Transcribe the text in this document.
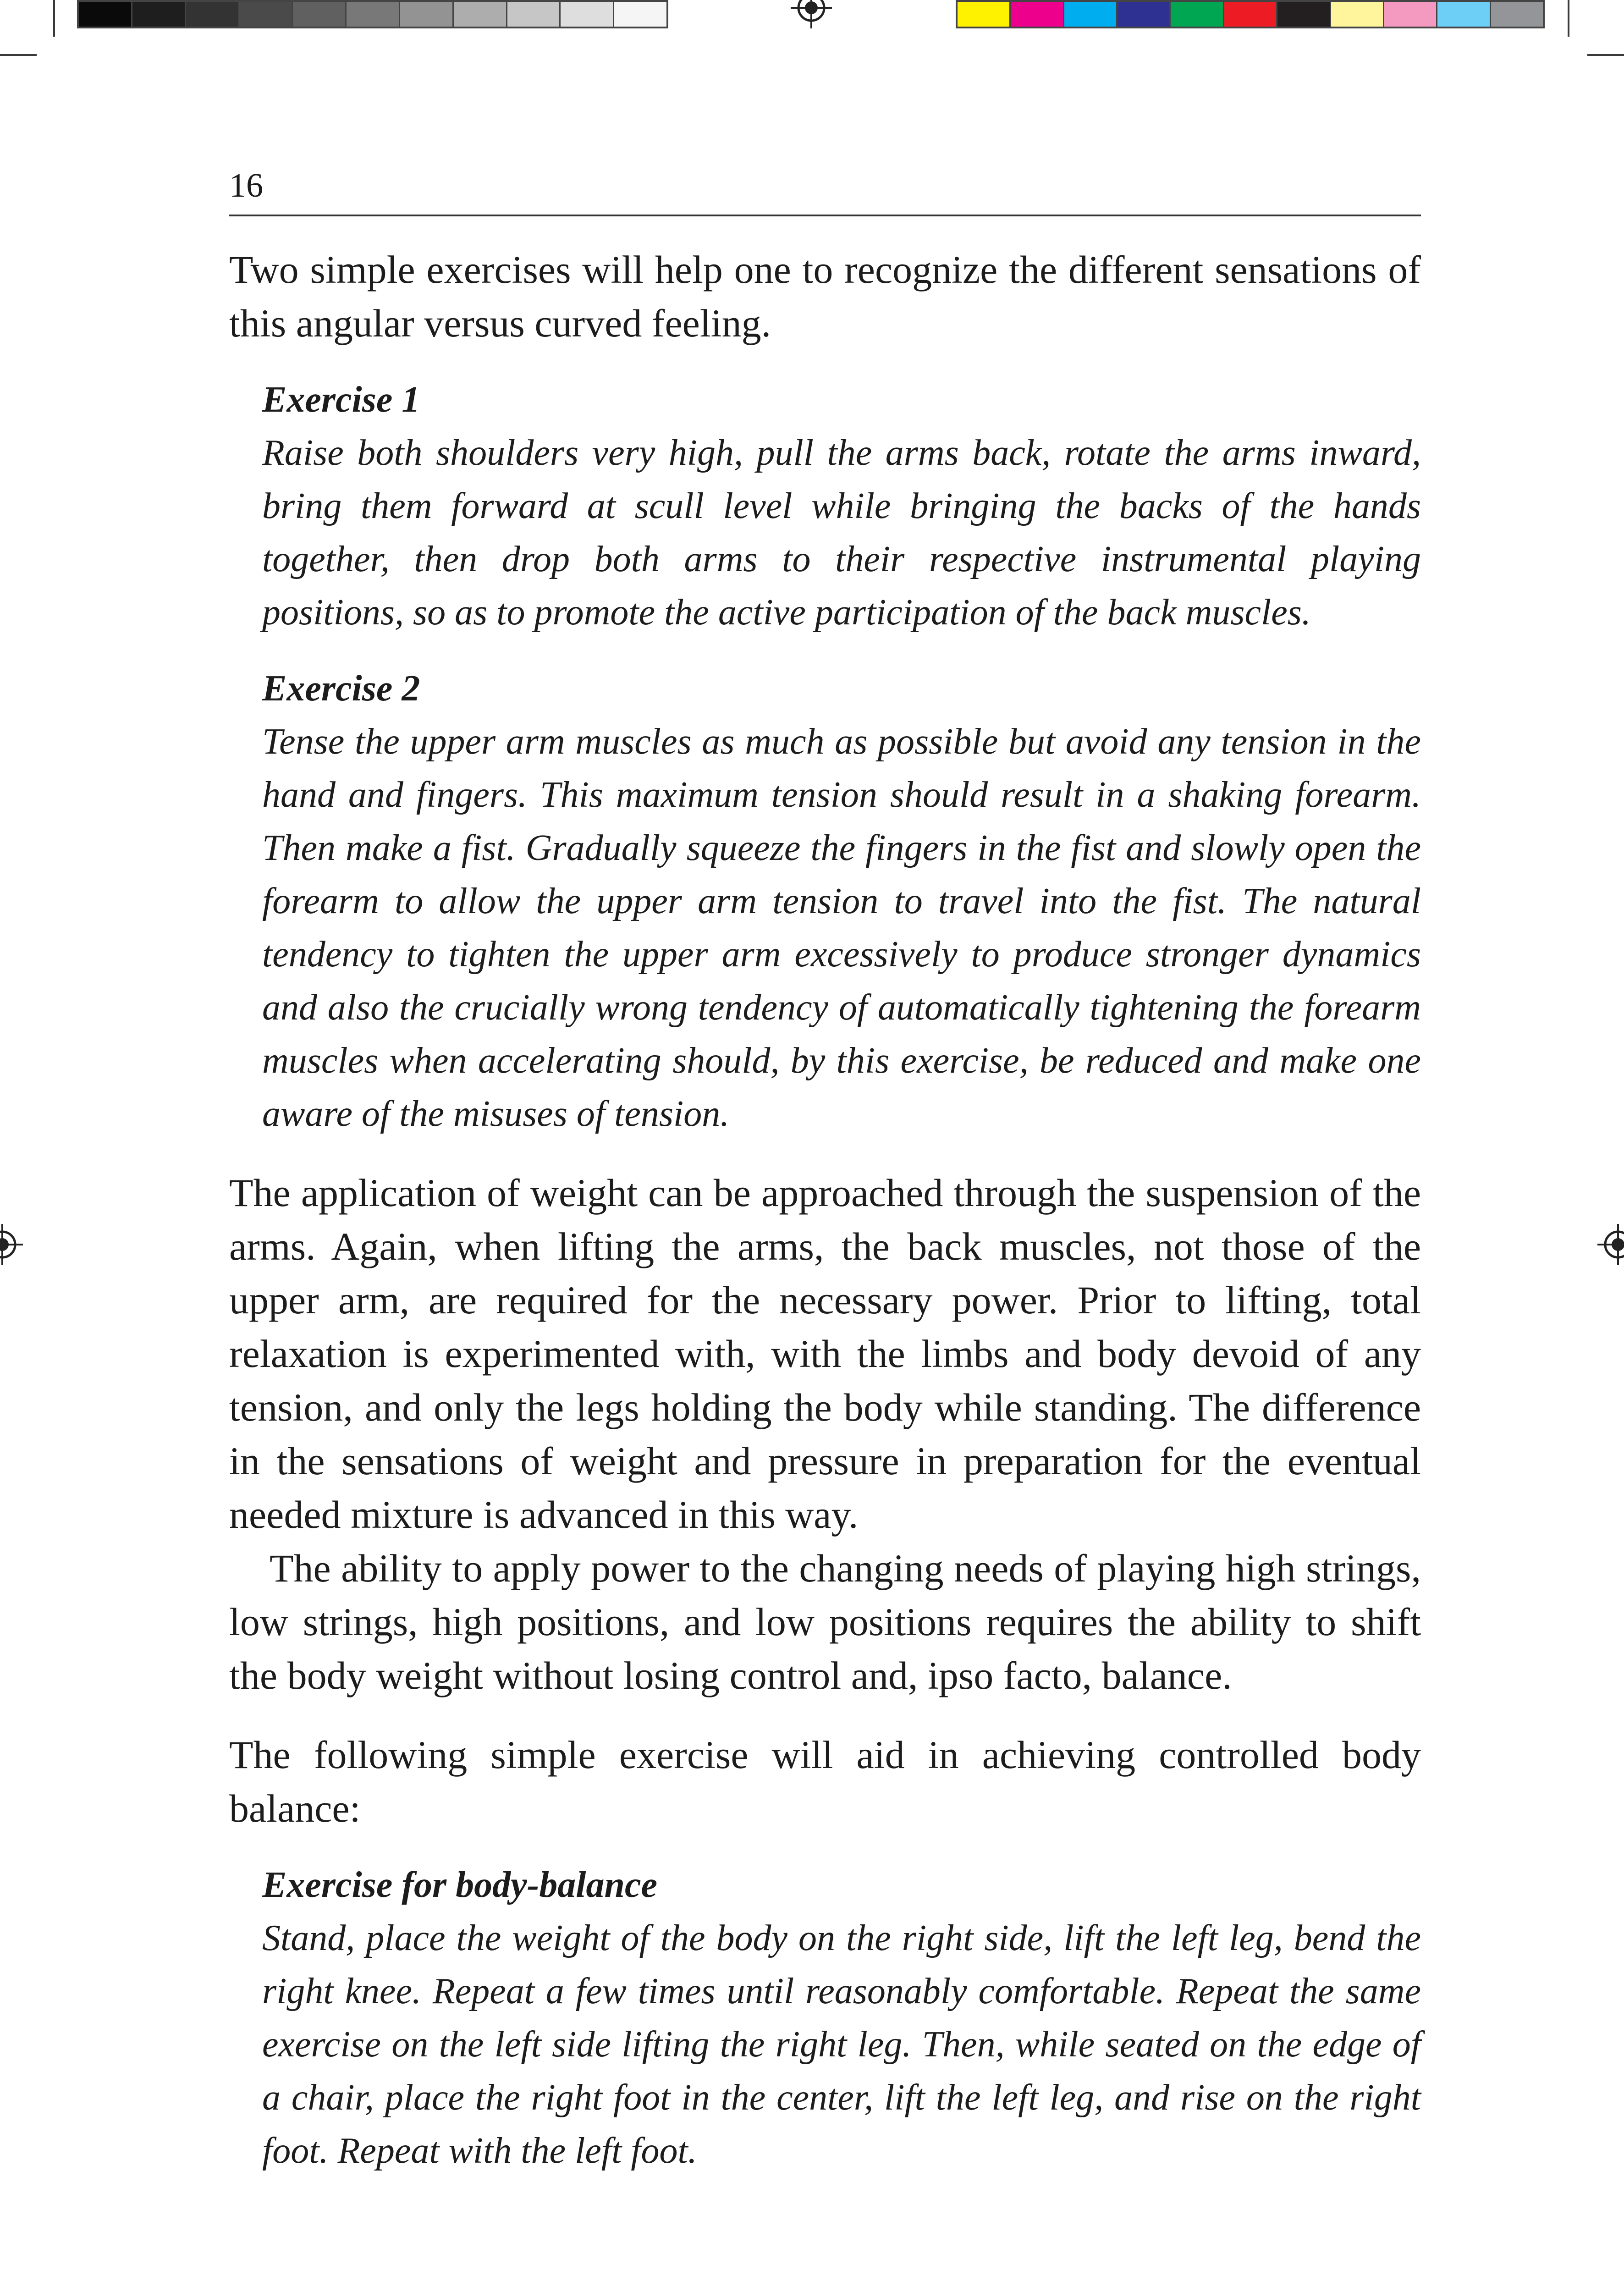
16

Two simple exercises will help one to recognize the different sensations of this angular versus curved feeling.

Exercise 1

Raise both shoulders very high, pull the arms back, rotate the arms inward, bring them forward at scull level while bringing the backs of the hands together, then drop both arms to their respective instrumental playing positions, so as to promote the active participation of the back muscles.

Exercise 2

Tense the upper arm muscles as much as possible but avoid any tension in the hand and fingers. This maximum tension should result in a shaking forearm. Then make a fist. Gradually squeeze the fingers in the fist and slowly open the forearm to allow the upper arm tension to travel into the fist. The natural tendency to tighten the upper arm excessively to produce stronger dynamics and also the crucially wrong tendency of automatically tightening the forearm muscles when accelerating should, by this exercise, be reduced and make one aware of the misuses of tension.

The application of weight can be approached through the suspension of the arms. Again, when lifting the arms, the back muscles, not those of the upper arm, are required for the necessary power. Prior to lifting, total relaxation is experimented with, with the limbs and body devoid of any tension, and only the legs holding the body while standing. The difference in the sensations of weight and pressure in preparation for the eventual needed mixture is advanced in this way.

The ability to apply power to the changing needs of playing high strings, low strings, high positions, and low positions requires the ability to shift the body weight without losing control and, ipso facto, balance.

The following simple exercise will aid in achieving controlled body balance:

Exercise for body-balance

Stand, place the weight of the body on the right side, lift the left leg, bend the right knee. Repeat a few times until reasonably comfortable. Repeat the same exercise on the left side lifting the right leg. Then, while seated on the edge of a chair, place the right foot in the center, lift the left leg, and rise on the right foot. Repeat with the left foot.
